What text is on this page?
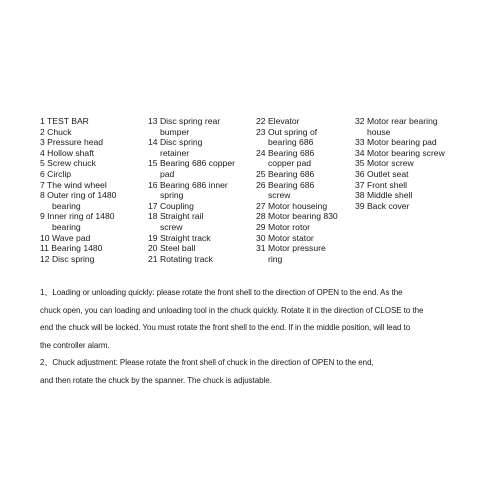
1 TEST BAR
2 Chuck
3 Pressure head
4 Hollow shaft
5 Screw chuck
6 Circlip
7 The wind wheel
8 Outer ring of 1480
bearing
9 Inner ring of 1480
bearing
10 Wave pad
11 Bearing 1480
12 Disc spring
13 Disc spring rear
bumper
14 Disc spring
retainer
15 Bearing 686 copper
pad
16 Bearing 686 inner
spring
17 Coupling
18 Straight rail
screw
19 Straight track
20 Steel ball
21 Rotating track
22 Elevator
23 Out spring of
bearing 686
24 Bearing 686
copper pad
25 Bearing 686
26 Bearing 686
screw
27 Motor houseing
28 Motor bearing 830
29 Motor rotor
30 Motor stator
31 Motor pressure
ring
32 Motor rear bearing
house
33 Motor bearing pad
34 Motor bearing screw
35 Motor screw
36 Outlet seat
37 Front shell
38 Middle shell
39 Back cover

1、Loading or unloading quickly: please rotate the front shell to the direction of OPEN to the end. As the

chuck open, you can loading and unloading tool in the chuck quickly. Rotate it in the direction of CLOSE to the

end the chuck will be locked. You must rotate the front shell to the end. If in the middle position, will lead to

the controller alarm.

2、Chuck adjustment: Please rotate the front shell of chuck in the direction of OPEN to the end,

and then rotate the chuck by the spanner. The chuck is adjustable.
